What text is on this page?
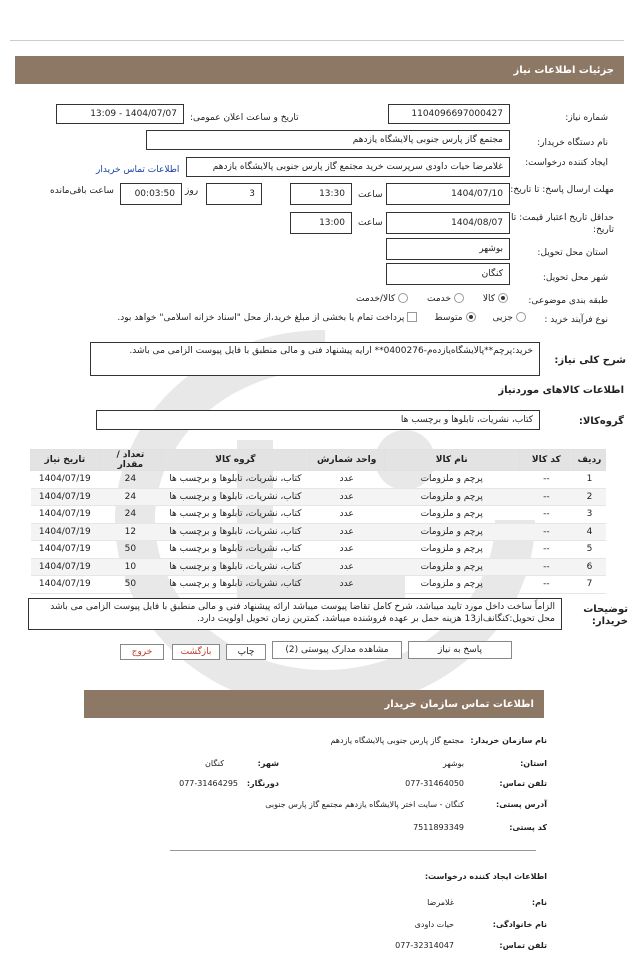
جزئیات اطلاعات نیاز
شماره نیاز:
1104096697000427
تاریخ و ساعت اعلان عمومی:
1404/07/07 - 13:09
نام دستگاه خریدار:
مجتمع گاز پارس جنوبی پالایشگاه یازدهم
ایجاد کننده درخواست:
غلامرضا حیات داودی سرپرست خرید مجتمع گاز پارس جنوبی پالایشگاه یازدهم
اطلاعات تماس خریدار
مهلت ارسال پاسخ: تا تاریخ:
1404/07/10
ساعت
13:30
3
روز
00:03:50
ساعت باقی‌مانده
حداقل تاریخ اعتبار قیمت: تا تاریخ:
1404/08/07
ساعت
13:00
استان محل تحویل:
بوشهر
شهر محل تحویل:
کنگان
طبقه بندی موضوعی:
کالا خدمت کالا/خدمت
نوع فرآیند خرید :
جزیی متوسط پرداخت تمام یا بخشی از مبلغ خرید،از محل "اسناد خزانه اسلامی" خواهد بود.
شرح کلی نیاز:
خرید:پرچم**پالایشگاه‌یازده‌م-0400276** ارایه پیشنهاد فنی و مالی منطبق با فایل پیوست الزامی می باشد.
اطلاعات کالاهای موردنیاز
گروه‌کالا:
کتاب، نشریات، تابلوها و برچسب ها
ردیف	کد کالا	نام کالا	واحد شمارش	گروه کالا	تعداد / مقدار	تاریخ نیاز
1	--	پرچم و ملزومات	عدد	کتاب، نشریات، تابلوها و برچسب ها	24	1404/07/19
2	--	پرچم و ملزومات	عدد	کتاب، نشریات، تابلوها و برچسب ها	24	1404/07/19
3	--	پرچم و ملزومات	عدد	کتاب، نشریات، تابلوها و برچسب ها	24	1404/07/19
4	--	پرچم و ملزومات	عدد	کتاب، نشریات، تابلوها و برچسب ها	12	1404/07/19
5	--	پرچم و ملزومات	عدد	کتاب، نشریات، تابلوها و برچسب ها	50	1404/07/19
6	--	پرچم و ملزومات	عدد	کتاب، نشریات، تابلوها و برچسب ها	10	1404/07/19
7	--	پرچم و ملزومات	عدد	کتاب، نشریات، تابلوها و برچسب ها	50	1404/07/19
توضیحات خریدار:
الزاماً ساخت داخل مورد تایید میباشد، شرح کامل تقاضا پیوست میباشد ارائه پیشنهاد فنی و مالی منطبق با فایل پیوست الزامی می باشد محل تحویل:کنگانف‌از13 هزینه حمل بر عهده فروشنده میباشد، کمترین زمان تحویل اولویت دارد.
پاسخ به نیاز
مشاهده مدارک پیوستی (2)
چاپ
بازگشت
خروج
اطلاعات تماس سازمان خریدار
نام سازمان خریدار:
مجتمع گاز پارس جنوبی پالایشگاه یازدهم
استان:
بوشهر
شهر:
کنگان
تلفن تماس:
077-31464050
دورنگار:
077-31464295
آدرس پستی:
کنگان - سایت اختر پالایشگاه یازدهم مجتمع گاز پارس جنوبی
کد پستی:
7511893349
اطلاعات ایجاد کننده درخواست:
نام:
غلامرضا
نام خانوادگی:
حیات داودی
تلفن تماس:
077-32314047
